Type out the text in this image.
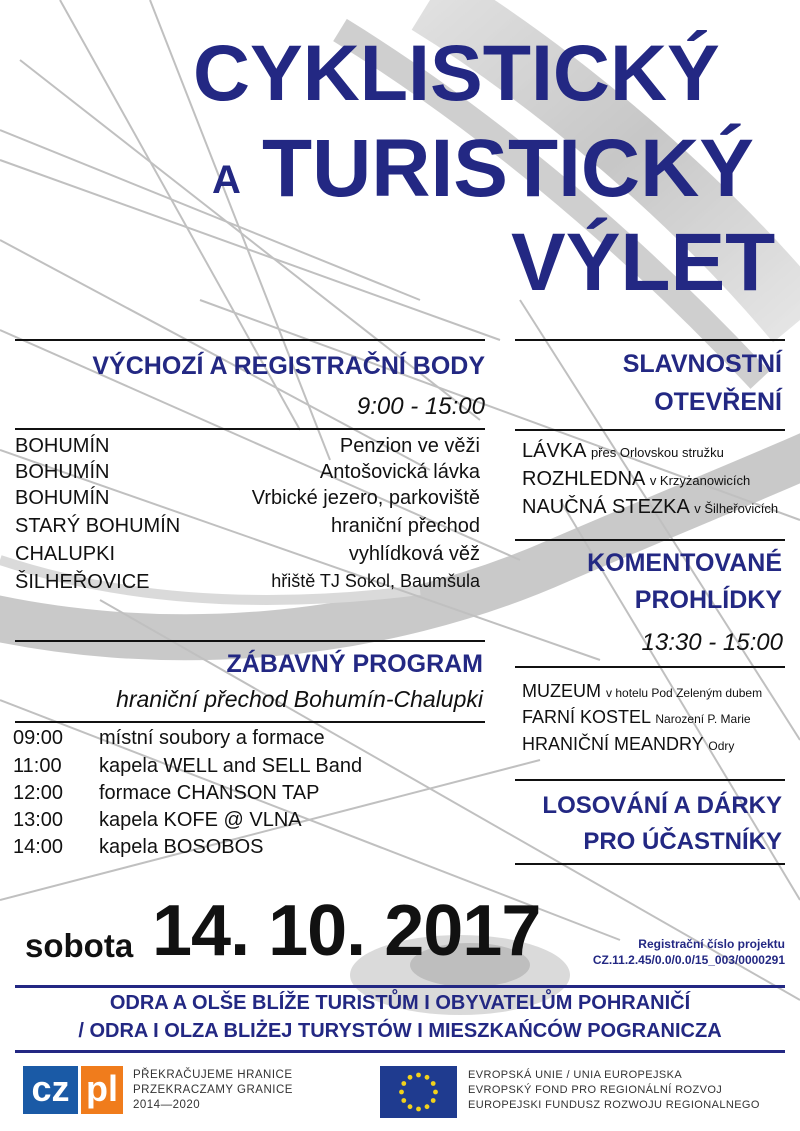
CYKLISTICKÝ
A TURISTICKÝ
VÝLET
VÝCHOZÍ A REGISTRAČNÍ BODY
9:00 - 15:00
BOHUMÍN	Penzion ve věži
BOHUMÍN	Antošovická lávka
BOHUMÍN	Vrbické jezero, parkoviště
STARÝ BOHUMÍN	hraniční přechod
CHALUPKI	vyhlídková věž
ŠILHEŘOVICE	hřiště TJ Sokol, Baumšula
ZÁBAVNÝ PROGRAM
hraniční přechod Bohumín-Chalupki
09:00 místní soubory a formace
11:00 kapela WELL and SELL Band
12:00 formace CHANSON TAP
13:00 kapela KOFE @ VLNA
14:00 kapela BOSOBOS
SLAVNOSTNÍ
OTEVŘENÍ
LÁVKA přes Orlovskou stružku
ROZHLEDNA v Krzyżanowicích
NAUČNÁ STEZKA v Šilheřovicích
KOMENTOVANÉ
PROHLÍDKY
13:30 - 15:00
MUZEUM v hotelu Pod Zeleným dubem
FARNÍ KOSTEL Narození P. Marie
HRANIČNÍ MEANDRY Odry
LOSOVÁNÍ A DÁRKY
PRO ÚČASTNÍKY
sobota 14. 10. 2017	Registrační číslo projektu
CZ.11.2.45/0.0/0.0/15_003/0000291
ODRA A OLŠE BLÍŽE TURISTŮM I OBYVATELŮM POHRANIČÍ
/ ODRA I OLZA BLIŻEJ TURYSTÓW I MIESZKAŃCÓW POGRANICZA
cz pl	PŘEKRAČUJEME HRANICE
PRZEKRACZAMY GRANICE
2014—2020
EVROPSKÁ UNIE / UNIA EUROPEJSKA
EVROPSKÝ FOND PRO REGIONÁLNÍ ROZVOJ
EUROPEJSKI FUNDUSZ ROZWOJU REGIONALNEGO
